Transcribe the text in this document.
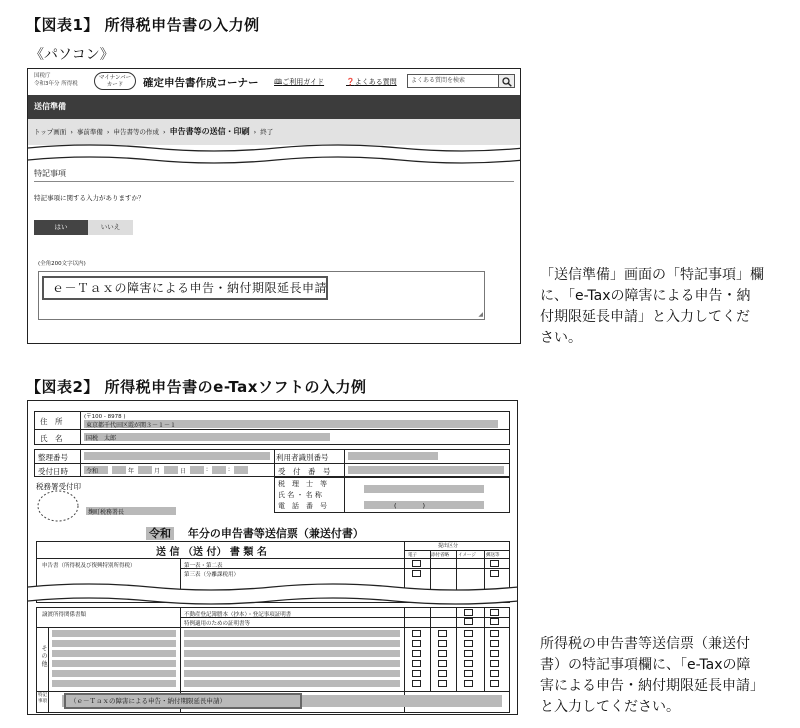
【図表1】 所得税申告書の入力例
《パソコン》
国税庁
令和3年分 所得税
マイナンバー
カード	確定申告書作成コーナー 🕮ご利用ガイド	❓よくある質問	よくある質問を検索
送信準備
トップ画面 › 事前準備 › 申告書等の作成 › 申告書等の送信・印刷 › 終了
特記事項
特記事項に関する入力がありますか？
はい	いいえ
(全角200文字以内)
◢
ｅ－Ｔａｘの障害による申告・納付期限延長申請
「送信準備」画面の「特記事項」欄
に、「e-Taxの障害による申告・納
付期限延長申請」と入力してくだ
さい。
【図表2】 所得税申告書のe-Taxソフトの入力例
住　所	(〒100 - 8978 )
東京都千代田区霞が関３－１－１
氏　名	国税　太郎
整理番号	利用者識別番号
受付日時	令和	年	月	日	:	:	受　付　番　号
税務署受付印
麹町税務署長
税　理　士　等
氏 名 ・ 名 称
電　話　番　号	(　　　　)
令和 年分の申告書等送信票（兼送付書）
送 信 （送 付） 書 類 名
提出区分
電子	添付省略 イメージ 郵送等
申告書（所得税及び復興特別所得税）	第一表・第二表
第三表（分離課税用）
譲渡所得関係書類	不動産登記簿謄本（抄本）・登記事項証明書
特例適用のための証明書等
そ の 他
特記事項	（ｅ－Ｔａｘの障害による申告・納付期限延長申請）
所得税の申告書等送信票（兼送付
書）の特記事項欄に、「e-Taxの障
害による申告・納付期限延長申請」
と入力してください。
